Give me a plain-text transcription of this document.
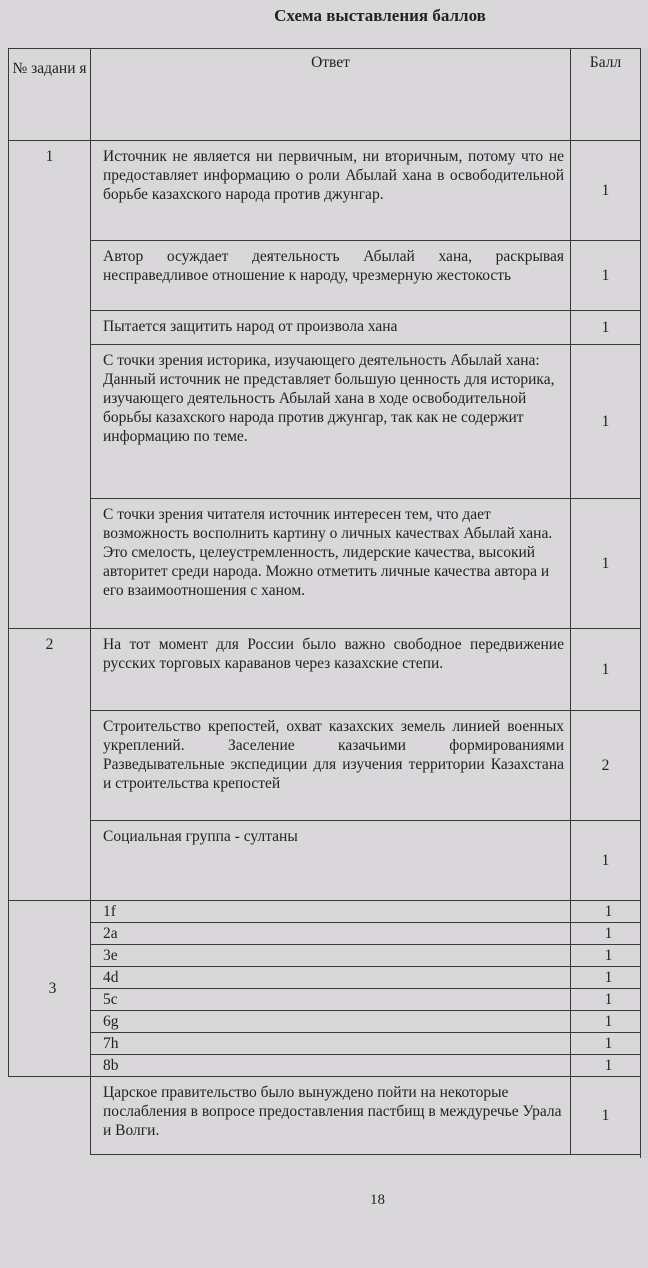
Схема выставления баллов
№ задани я	Ответ	Балл
1	Источник не является ни первичным, ни вторичным, потому что не предоставляет информацию о роли Абылай хана в освободительной борьбе казахского народа против джунгар.	1
	Автор осуждает деятельность Абылай хана, раскрывая несправедливое отношение к народу, чрезмерную жестокость	1
	Пытается защитить народ от произвола хана	1
	С точки зрения историка, изучающего деятельность Абылай хана: Данный источник не представляет большую ценность для историка, изучающего деятельность Абылай хана в ходе освободительной борьбы казахского народа против джунгар, так как не содержит информацию по теме.	1
	С точки зрения читателя источник интересен тем, что дает возможность восполнить картину о личных качествах Абылай хана. Это смелость, целеустремленность, лидерские качества, высокий авторитет среди народа. Можно отметить личные качества автора и его взаимоотношения с ханом.	1
2	На тот момент для России было важно свободное передвижение русских торговых караванов через казахские степи.	1
	Строительство крепостей, охват казахских земель линией военных укреплений. Заселение казачьими формированиями Разведывательные экспедиции для изучения территории Казахстана и строительства крепостей	2
	Социальная группа - султаны	1
3	1f	1
	2a	1
	3e	1
	4d	1
	5c	1
	6g	1
	7h	1
	8b	1
	Царское правительство было вынуждено пойти на некоторые послабления в вопросе предоставления пастбищ в междуречье Урала и Волги.	1
18
